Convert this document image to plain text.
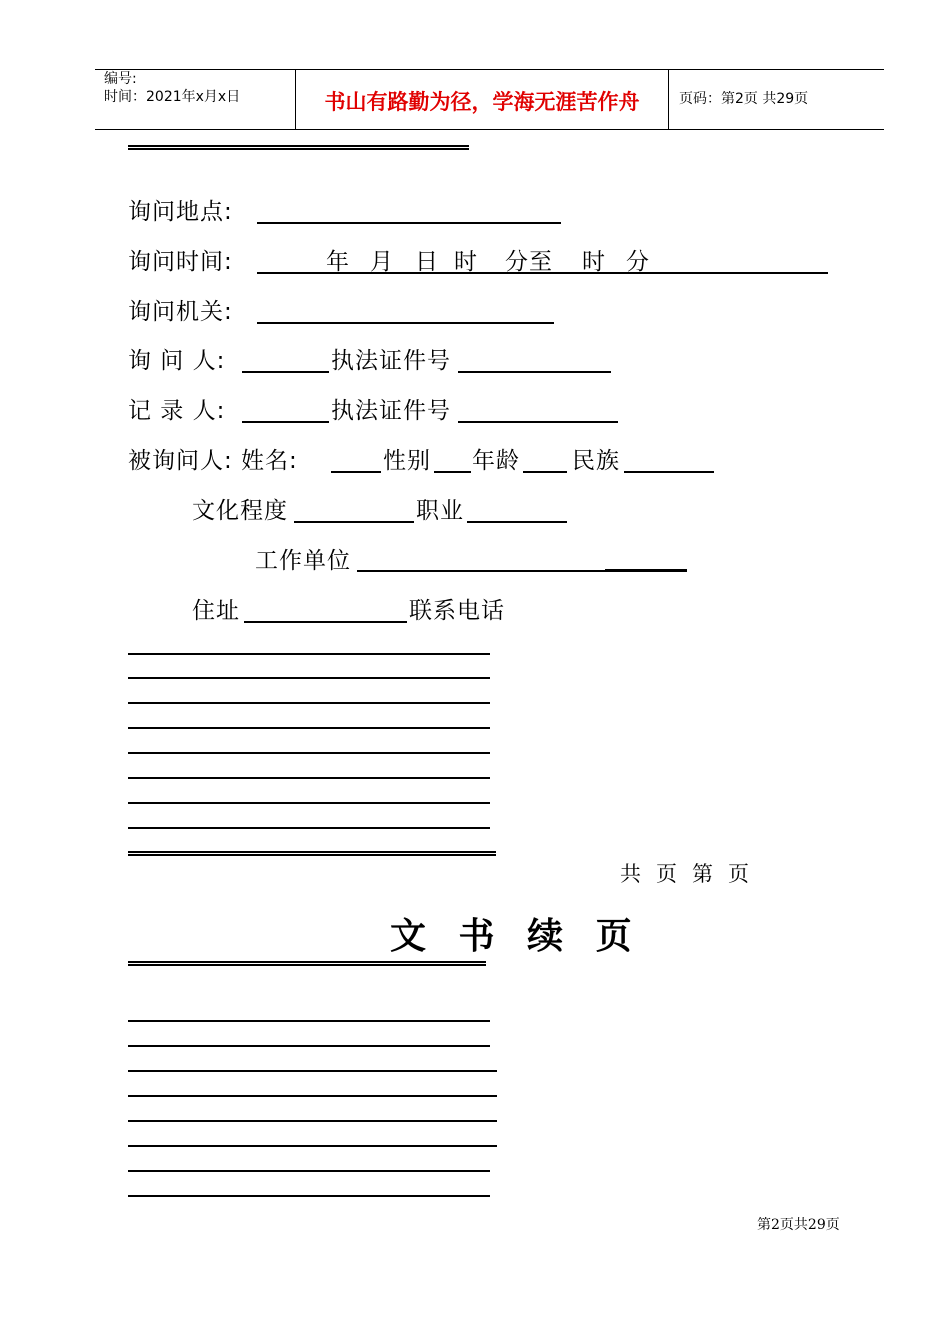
编号:
时间：2021年x月x日	书山有路勤为径，学海无涯苦作舟	页码：第2页 共29页
询问地点:
询问时间:	年 月 日 时 分至 时 分
询问机关:
询 问 人:	执法证件号
记 录 人:	执法证件号
被询问人: 姓名:	性别 年龄 民族
文化程度	职业
工作单位
住址	联系电话
共 页 第 页
文 书 续 页
第2页共29页
